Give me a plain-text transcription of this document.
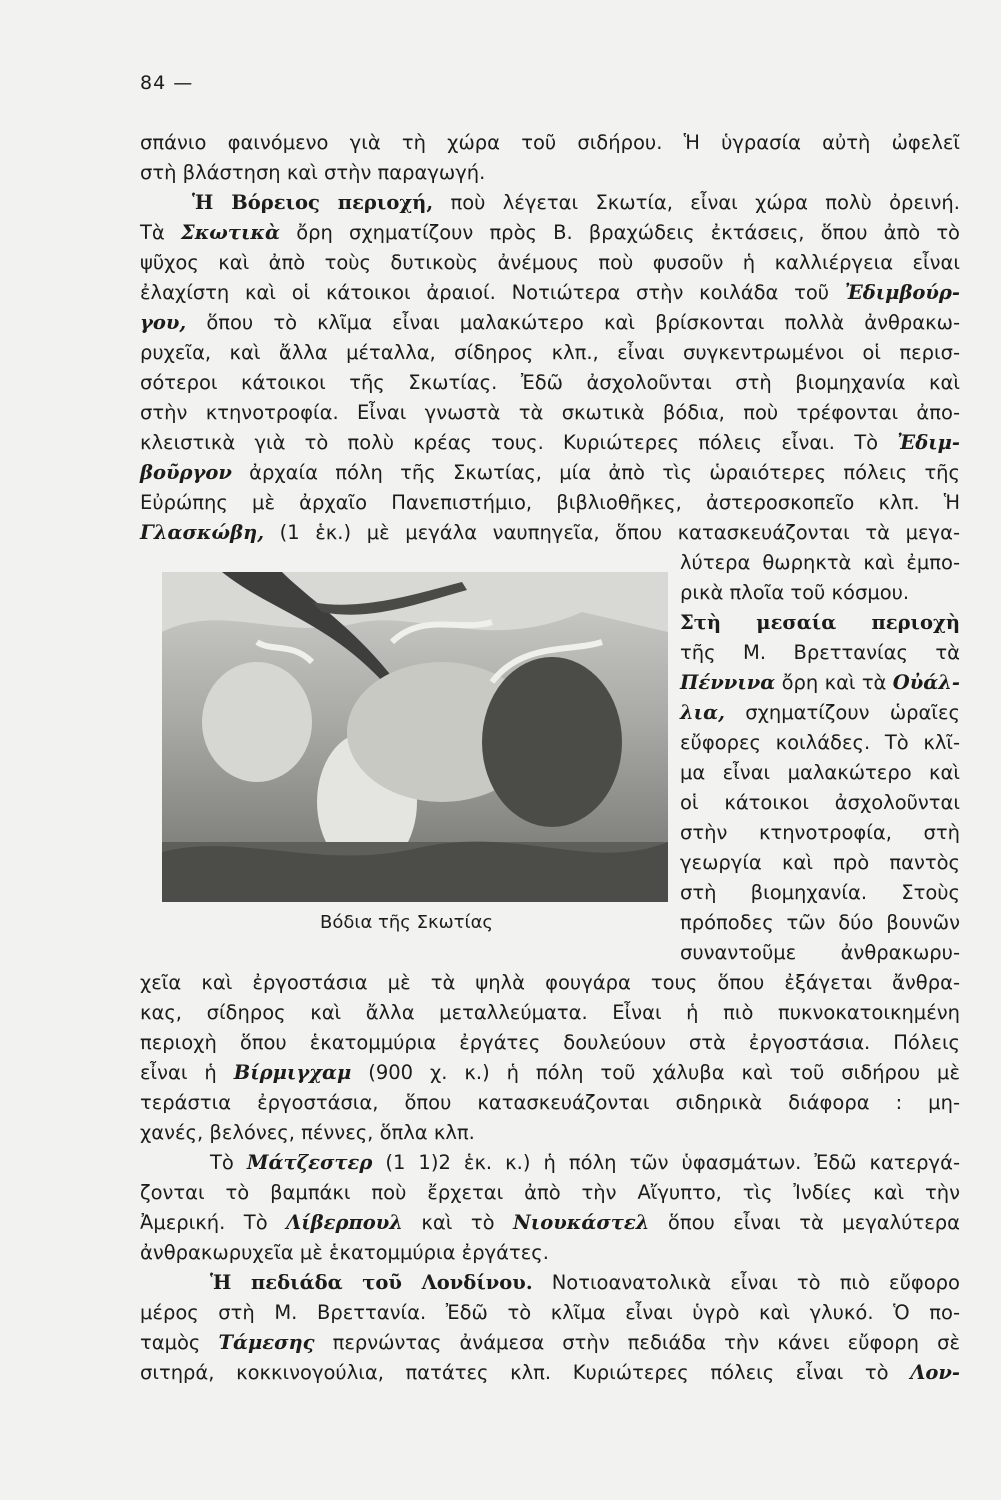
84 —
σπάνιο φαινόμενο γιὰ τὴ χώρα τοῦ σιδήρου. Ἡ ὑγρασία αὐτὴ ὠφελεῖ
στὴ βλάστηση καὶ στὴν παραγωγή.
Ἡ Βόρειος περιοχή, ποὺ λέγεται Σκωτία, εἶναι χώρα πολὺ ὀρεινή.
Τὰ Σκωτικὰ ὄρη σχηματίζουν πρὸς Β. βραχώδεις ἐκτάσεις, ὅπου ἀπὸ τὸ
ψῦχος καὶ ἀπὸ τοὺς δυτικοὺς ἀνέμους ποὺ φυσοῦν ἡ καλλιέργεια εἶναι
ἐλαχίστη καὶ οἱ κάτοικοι ἀραιοί. Νοτιώτερα στὴν κοιλάδα τοῦ Ἐδιμβούρ-
γου, ὅπου τὸ κλῖμα εἶναι μαλακώτερο καὶ βρίσκονται πολλὰ ἀνθρακω-
ρυχεῖα, καὶ ἄλλα μέταλλα, σίδηρος κλπ., εἶναι συγκεντρωμένοι οἱ περισ-
σότεροι κάτοικοι τῆς Σκωτίας. Ἐδῶ ἀσχολοῦνται στὴ βιομηχανία καὶ
στὴν κτηνοτροφία. Εἶναι γνωστὰ τὰ σκωτικὰ βόδια, ποὺ τρέφονται ἀπο-
κλειστικὰ γιὰ τὸ πολὺ κρέας τους. Κυριώτερες πόλεις εἶναι. Τὸ Ἐδιμ-
βοῦργον ἀρχαία πόλη τῆς Σκωτίας, μία ἀπὸ τὶς ὡραιότερες πόλεις τῆς
Εὐρώπης μὲ ἀρχαῖο Πανεπιστήμιο, βιβλιοθῆκες, ἀστεροσκοπεῖο κλπ. Ἡ
Γλασκώβη, (1 ἑκ.) μὲ μεγάλα ναυπηγεῖα, ὅπου κατασκευάζονται τὰ μεγα-
λύτερα θωρηκτὰ καὶ ἐμπο-
ρικὰ πλοῖα τοῦ κόσμου.
Στὴ μεσαία περιοχὴ
τῆς Μ. Βρεττανίας τὰ
Πέννινα ὄρη καὶ τὰ Οὐάλ-
λια, σχηματίζουν ὡραῖες
εὔφορες κοιλάδες. Τὸ κλῖ-
μα εἶναι μαλακώτερο καὶ
οἱ κάτοικοι ἀσχολοῦνται
στὴν κτηνοτροφία, στὴ
γεωργία καὶ πρὸ παντὸς
στὴ βιομηχανία. Στοὺς
Βόδια τῆς Σκωτίας	πρόποδες τῶν δύο βουνῶν
συναντοῦμε ἀνθρακωρυ-
χεῖα καὶ ἐργοστάσια μὲ τὰ ψηλὰ φουγάρα τους ὅπου ἐξάγεται ἄνθρα-
κας, σίδηρος καὶ ἄλλα μεταλλεύματα. Εἶναι ἡ πιὸ πυκνοκατοικημένη
περιοχὴ ὅπου ἑκατομμύρια ἐργάτες δουλεύουν στὰ ἐργοστάσια. Πόλεις
εἶναι ἡ Βίρμιγχαμ (900 χ. κ.) ἡ πόλη τοῦ χάλυβα καὶ τοῦ σιδήρου μὲ
τεράστια ἐργοστάσια, ὅπου κατασκευάζονται σιδηρικὰ διάφορα : μη-
χανές, βελόνες, πέννες, ὅπλα κλπ.
Τὸ Μάτζεστερ (1 1)2 ἑκ. κ.) ἡ πόλη τῶν ὑφασμάτων. Ἐδῶ κατεργά-
ζονται τὸ βαμπάκι ποὺ ἔρχεται ἀπὸ τὴν Αἴγυπτο, τὶς Ἰνδίες καὶ τὴν
Ἀμερική. Τὸ Λίβερπουλ καὶ τὸ Νιουκάστελ ὅπου εἶναι τὰ μεγαλύτερα
ἀνθρακωρυχεῖα μὲ ἑκατομμύρια ἐργάτες.
Ἡ πεδιάδα τοῦ Λονδίνου. Νοτιοανατολικὰ εἶναι τὸ πιὸ εὔφορο
μέρος στὴ Μ. Βρεττανία. Ἐδῶ τὸ κλῖμα εἶναι ὑγρὸ καὶ γλυκό. Ὁ πο-
ταμὸς Τάμεσης περνώντας ἀνάμεσα στὴν πεδιάδα τὴν κάνει εὔφορη σὲ
σιτηρά, κοκκινογούλια, πατάτες κλπ. Κυριώτερες πόλεις εἶναι τὸ Λον-
